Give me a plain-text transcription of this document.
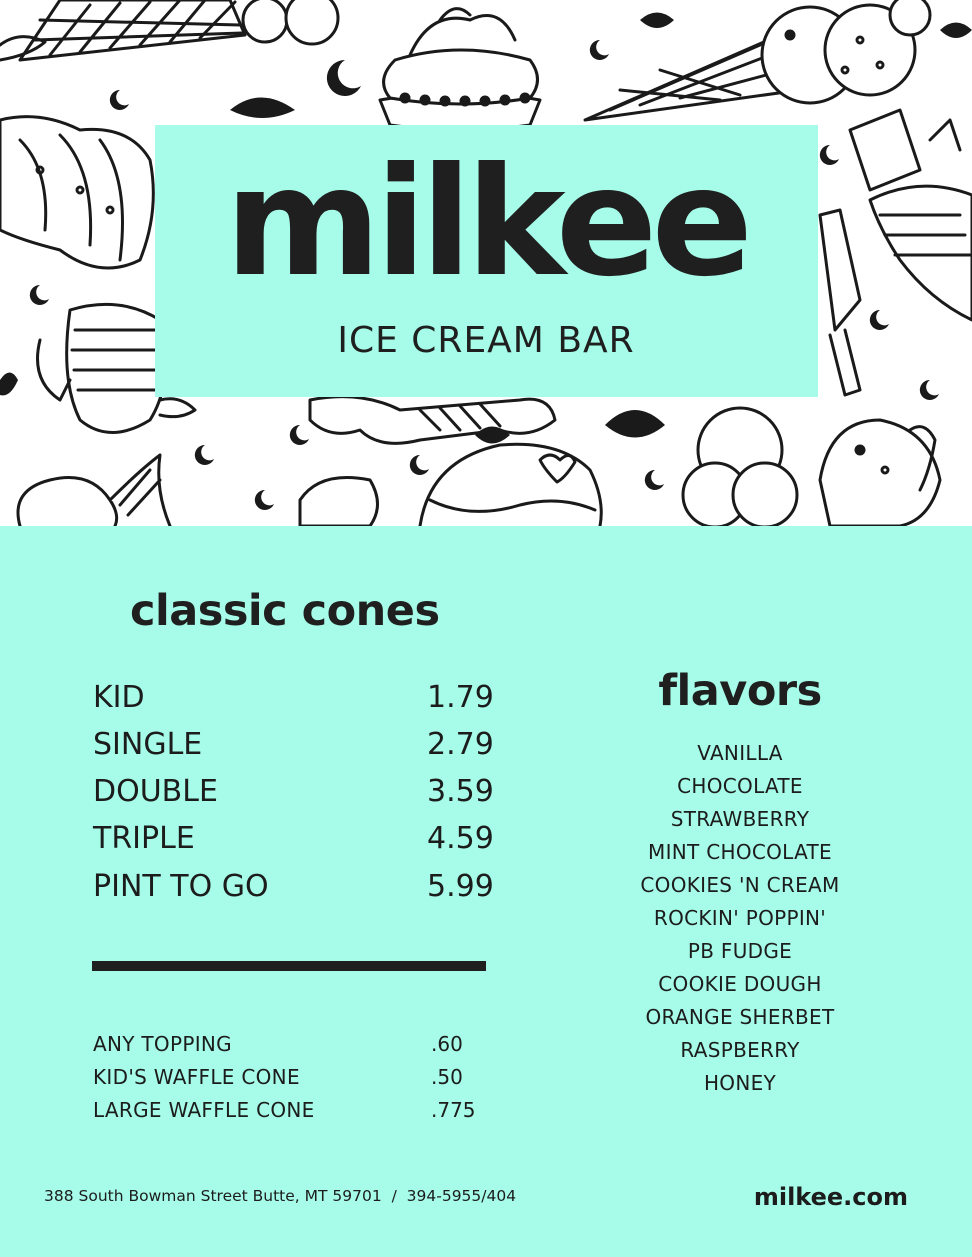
milkee
ICE CREAM BAR
classic cones
KID	1.79
SINGLE	2.79
DOUBLE	3.59
TRIPLE	4.59
PINT TO GO	5.99
ANY TOPPING	.60
KID'S WAFFLE CONE	.50
LARGE WAFFLE CONE	.775
flavors
VANILLA
CHOCOLATE
STRAWBERRY
MINT CHOCOLATE
COOKIES 'N CREAM
ROCKIN' POPPIN'
PB FUDGE
COOKIE DOUGH
ORANGE SHERBET
RASPBERRY
HONEY
388 South Bowman Street Butte, MT 59701  /  394-5955/404	milkee.com
